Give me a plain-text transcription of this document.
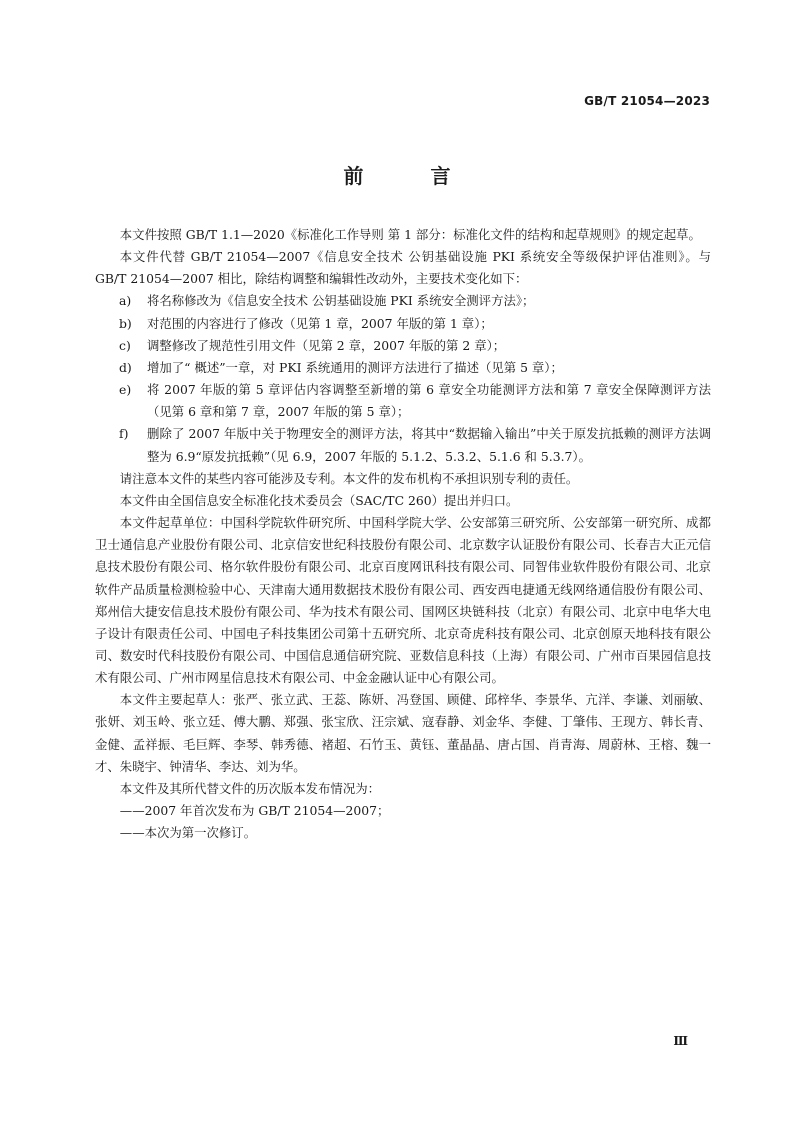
GB/T 21054—2023
前 言
本文件按照 GB/T 1.1—2020《标准化工作导则 第 1 部分：标准化文件的结构和起草规则》的规定起草。
本文件代替 GB/T 21054—2007《信息安全技术 公钥基础设施 PKI 系统安全等级保护评估准则》。与 GB/T 21054—2007 相比，除结构调整和编辑性改动外，主要技术变化如下：
a)	将名称修改为《信息安全技术 公钥基础设施 PKI 系统安全测评方法》；
b)	对范围的内容进行了修改（见第 1 章，2007 年版的第 1 章）；
c)	调整修改了规范性引用文件（见第 2 章，2007 年版的第 2 章）；
d)	增加了“ 概述”一章，对 PKI 系统通用的测评方法进行了描述（见第 5 章）；
e)	将 2007 年版的第 5 章评估内容调整至新增的第 6 章安全功能测评方法和第 7 章安全保障测评方法（见第 6 章和第 7 章，2007 年版的第 5 章）；
f)	删除了 2007 年版中关于物理安全的测评方法，将其中“数据输入输出”中关于原发抗抵赖的测评方法调整为 6.9“原发抗抵赖”（见 6.9，2007 年版的 5.1.2、5.3.2、5.1.6 和 5.3.7）。
请注意本文件的某些内容可能涉及专利。本文件的发布机构不承担识别专利的责任。
本文件由全国信息安全标准化技术委员会（SAC/TC 260）提出并归口。
本文件起草单位：中国科学院软件研究所、中国科学院大学、公安部第三研究所、公安部第一研究所、成都卫士通信息产业股份有限公司、北京信安世纪科技股份有限公司、北京数字认证股份有限公司、长春吉大正元信息技术股份有限公司、格尔软件股份有限公司、北京百度网讯科技有限公司、同智伟业软件股份有限公司、北京软件产品质量检测检验中心、天津南大通用数据技术股份有限公司、西安西电捷通无线网络通信股份有限公司、郑州信大捷安信息技术股份有限公司、华为技术有限公司、国网区块链科技（北京）有限公司、北京中电华大电子设计有限责任公司、中国电子科技集团公司第十五研究所、北京奇虎科技有限公司、北京创原天地科技有限公司、数安时代科技股份有限公司、中国信息通信研究院、亚数信息科技（上海）有限公司、广州市百果园信息技术有限公司、广州市网星信息技术有限公司、中金金融认证中心有限公司。
本文件主要起草人：张严、张立武、王蕊、陈妍、冯登国、顾健、邱梓华、李景华、亢洋、李谦、刘丽敏、张妍、刘玉岭、张立廷、傅大鹏、郑强、张宝欣、汪宗斌、寇春静、刘金华、李健、丁肇伟、王现方、韩长青、金健、孟祥振、毛巨辉、李琴、韩秀德、褚超、石竹玉、黄钰、董晶晶、唐占国、肖青海、周蔚林、王榕、魏一才、朱晓宇、钟清华、李达、刘为华。
本文件及其所代替文件的历次版本发布情况为：
——2007 年首次发布为 GB/T 21054—2007；
——本次为第一次修订。
Ⅲ
